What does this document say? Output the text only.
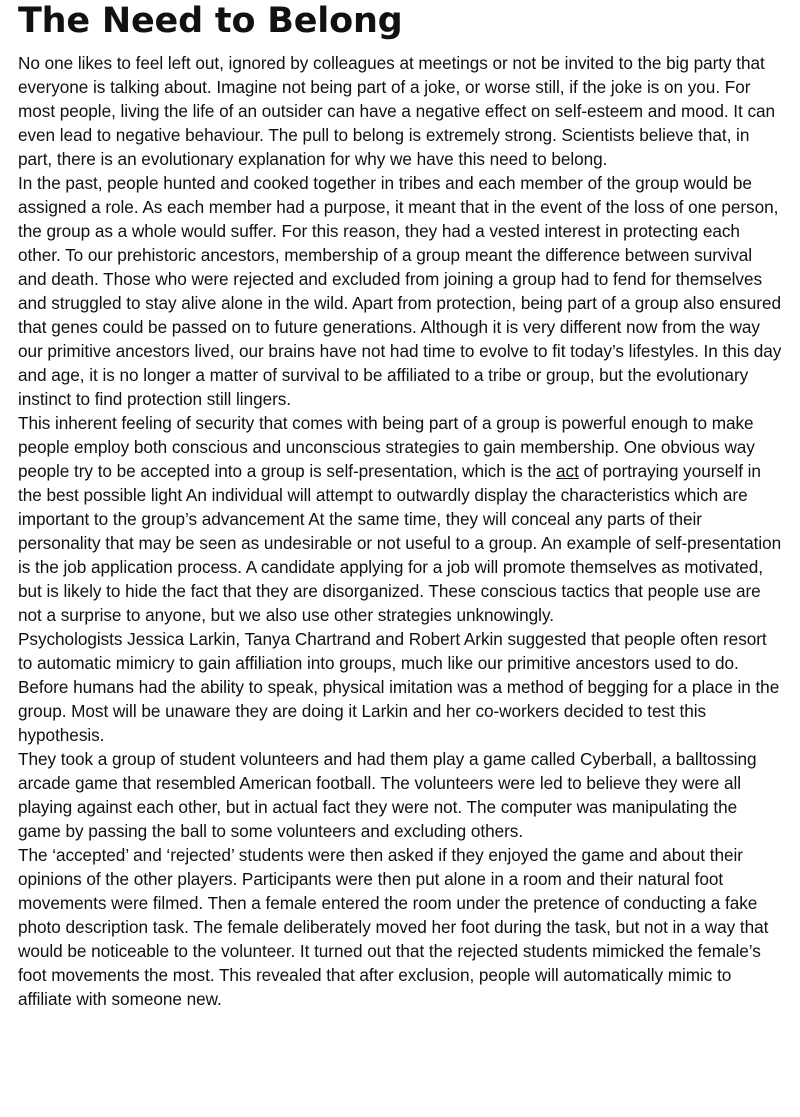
The Need to Belong

No one likes to feel left out, ignored by colleagues at meetings or not be invited to the big party that everyone is talking about. Imagine not being part of a joke, or worse still, if the joke is on you. For most people, living the life of an outsider can have a negative effect on self-esteem and mood. It can even lead to negative behaviour. The pull to belong is extremely strong. Scientists believe that, in part, there is an evolutionary explanation for why we have this need to belong.

In the past, people hunted and cooked together in tribes and each member of the group would be assigned a role. As each member had a purpose, it meant that in the event of the loss of one person, the group as a whole would suffer. For this reason, they had a vested interest in protecting each other. To our prehistoric ancestors, membership of a group meant the difference between survival and death. Those who were rejected and excluded from joining a group had to fend for themselves and struggled to stay alive alone in the wild. Apart from protection, being part of a group also ensured that genes could be passed on to future generations. Although it is very different now from the way our primitive ancestors lived, our brains have not had time to evolve to fit today’s lifestyles. In this day and age, it is no longer a matter of survival to be affiliated to a tribe or group, but the evolutionary instinct to find protection still lingers.

This inherent feeling of security that comes with being part of a group is powerful enough to make people employ both conscious and unconscious strategies to gain membership. One obvious way people try to be accepted into a group is self-presentation, which is the act of portraying yourself in the best possible light An individual will attempt to outwardly display the characteristics which are important to the group’s advancement At the same time, they will conceal any parts of their personality that may be seen as undesirable or not useful to a group. An example of self-presentation is the job application process. A candidate applying for a job will promote themselves as motivated, but is likely to hide the fact that they are disorganized. These conscious tactics that people use are not a surprise to anyone, but we also use other strategies unknowingly.

Psychologists Jessica Larkin, Tanya Chartrand and Robert Arkin suggested that people often resort to automatic mimicry to gain affiliation into groups, much like our primitive ancestors used to do. Before humans had the ability to speak, physical imitation was a method of begging for a place in the group. Most will be unaware they are doing it Larkin and her co-workers decided to test this hypothesis.

They took a group of student volunteers and had them play a game called Cyberball, a balltossing arcade game that resembled American football. The volunteers were led to believe they were all playing against each other, but in actual fact they were not. The computer was manipulating the game by passing the ball to some volunteers and excluding others.

The ‘accepted’ and ‘rejected’ students were then asked if they enjoyed the game and about their opinions of the other players. Participants were then put alone in a room and their natural foot movements were filmed. Then a female entered the room under the pretence of conducting a fake photo description task. The female deliberately moved her foot during the task, but not in a way that would be noticeable to the volunteer. It turned out that the rejected students mimicked the female’s foot movements the most. This revealed that after exclusion, people will automatically mimic to affiliate with someone new.
